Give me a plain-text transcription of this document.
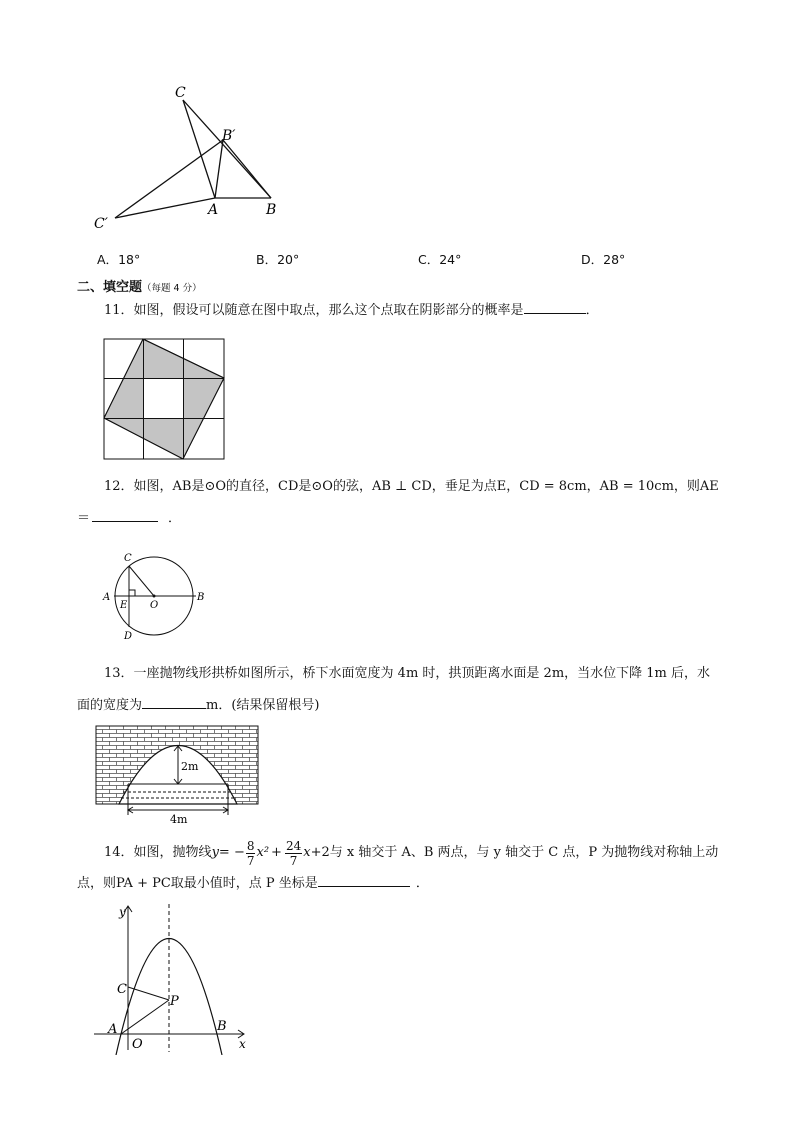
C
B′
A	B
C′
A．18°	B．20°	C．24°	D．28°
二、填空题（每题 4 分）
11．如图，假设可以随意在图中取点，那么这个点取在阴影部分的概率是	．
12．如图，AB是⊙O的直径，CD是⊙O的弦，AB ⊥ CD，垂足为点E，CD = 8cm，AB = 10cm，则AE
＝	．
C
A
E O
B
D
13．一座抛物线形拱桥如图所示，桥下水面宽度为 4m 时，拱顶距离水面是 2m，当水位下降 1m 后，水
面的宽度为	m．(结果保留根号)
2m
4m
14． 如图，抛物线 y = − $\frac{8}{7} x^2 + \frac{24}{7}$ x +2 与 x 轴交于 A、B 两点，与 y 轴交于 C 点，P 为抛物线对称轴上动
点，则PA + PC取最小值时，点 P 坐标是	．
y
x
C
P
A
O
B
